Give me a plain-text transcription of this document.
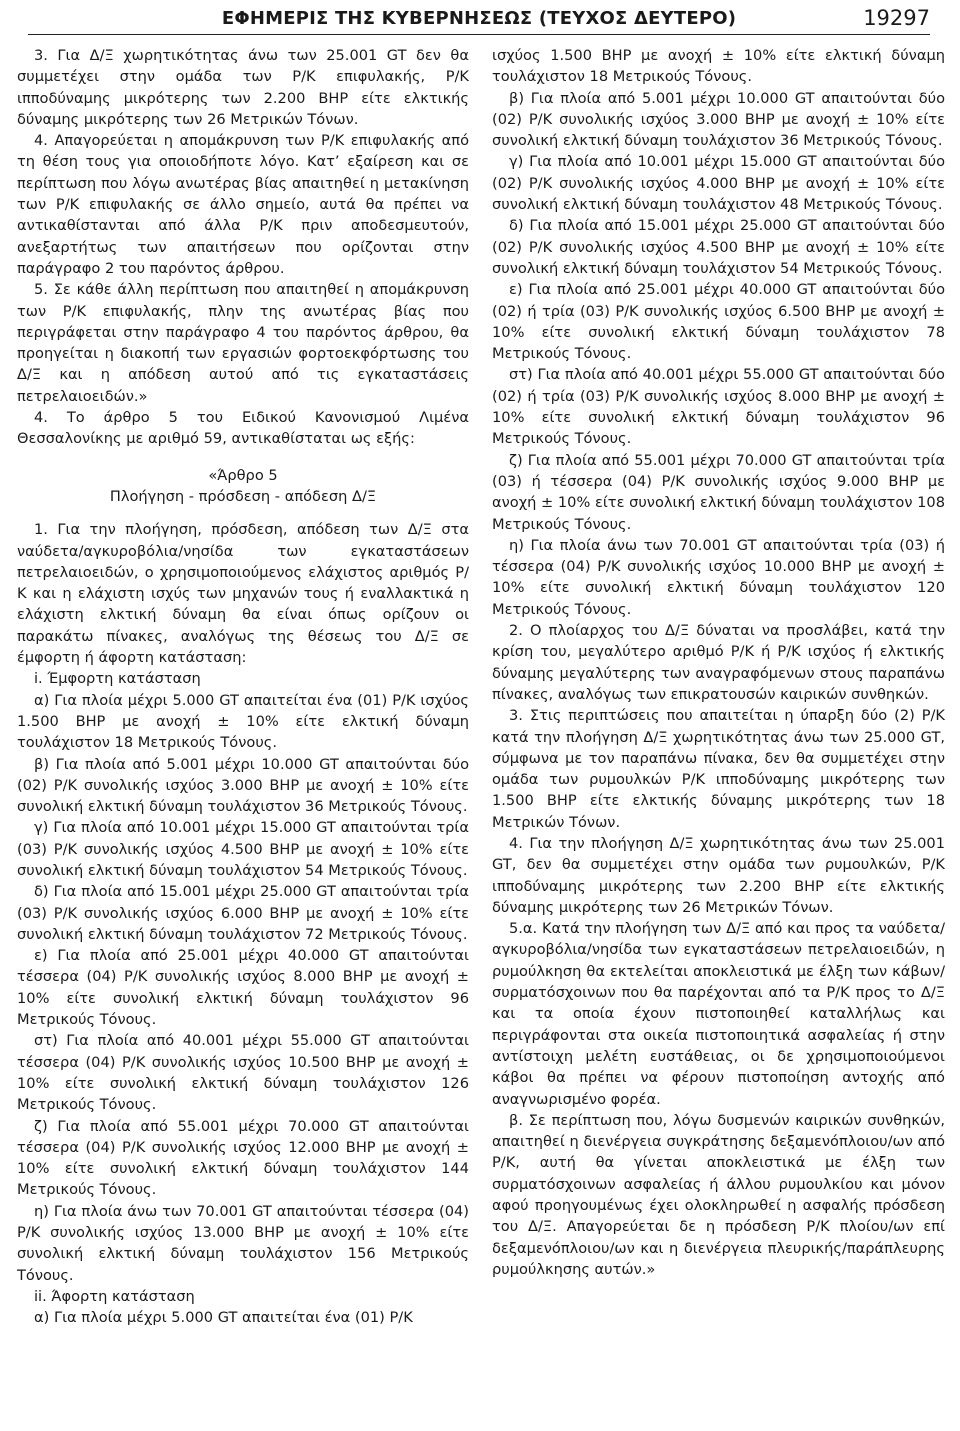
ΕΦΗΜΕΡΙΣ ΤΗΣ ΚΥΒΕΡΝΗΣΕΩΣ (ΤΕΥΧΟΣ ΔΕΥΤΕΡΟ)	19297

3. Για Δ/Ξ χωρητικότητας άνω των 25.001 GT δεν θα συμμετέχει στην ομάδα των Ρ/Κ επιφυλακής, Ρ/Κ ιπποδύναμης μικρότερης των 2.200 ΒΗΡ είτε ελκτικής δύναμης μικρότερης των 26 Μετρικών Τόνων.

4. Απαγορεύεται η απομάκρυνση των Ρ/Κ επιφυλακής από τη θέση τους για οποιοδήποτε λόγο. Κατ’ εξαίρεση και σε περίπτωση που λόγω ανωτέρας βίας απαιτηθεί η μετακίνηση των Ρ/Κ επιφυλακής σε άλλο σημείο, αυτά θα πρέπει να αντικαθίστανται από άλλα Ρ/Κ πριν αποδεσμευτούν, ανεξαρτήτως των απαιτήσεων που ορίζονται στην παράγραφο 2 του παρόντος άρθρου.

5. Σε κάθε άλλη περίπτωση που απαιτηθεί η απομάκρυνση των Ρ/Κ επιφυλακής, πλην της ανωτέρας βίας που περιγράφεται στην παράγραφο 4 του παρόντος άρθρου, θα προηγείται η διακοπή των εργασιών φορτοεκφόρτωσης του Δ/Ξ και η απόδεση αυτού από τις εγκαταστάσεις πετρελαιοειδών.»

4. Το άρθρο 5 του Ειδικού Κανονισμού Λιμένα Θεσσαλονίκης με αριθμό 59, αντικαθίσταται ως εξής:

«Άρθρο 5

Πλοήγηση - πρόσδεση - απόδεση Δ/Ξ

1. Για την πλοήγηση, πρόσδεση, απόδεση των Δ/Ξ στα ναύδετα/αγκυροβόλια/νησίδα των εγκαταστάσεων πετρελαιοειδών, ο χρησιμοποιούμενος ελάχιστος αριθμός Ρ/Κ και η ελάχιστη ισχύς των μηχανών τους ή εναλλακτικά η ελάχιστη ελκτική δύναμη θα είναι όπως ορίζουν οι παρακάτω πίνακες, αναλόγως της θέσεως του Δ/Ξ σε έμφορτη ή άφορτη κατάσταση:

i. Έμφορτη κατάσταση

α) Για πλοία μέχρι 5.000 GT απαιτείται ένα (01) Ρ/Κ ισχύος 1.500 ΒΗΡ με ανοχή ± 10% είτε ελκτική δύναμη τουλάχιστον 18 Μετρικούς Τόνους.

β) Για πλοία από 5.001 μέχρι 10.000 GT απαιτούνται δύο (02) Ρ/Κ συνολικής ισχύος 3.000 ΒΗΡ με ανοχή ± 10% είτε συνολική ελκτική δύναμη τουλάχιστον 36 Μετρικούς Τόνους.

γ) Για πλοία από 10.001 μέχρι 15.000 GT απαιτούνται τρία (03) Ρ/Κ συνολικής ισχύος 4.500 ΒΗΡ με ανοχή ± 10% είτε συνολική ελκτική δύναμη τουλάχιστον 54 Μετρικούς Τόνους.

δ) Για πλοία από 15.001 μέχρι 25.000 GT απαιτούνται τρία (03) Ρ/Κ συνολικής ισχύος 6.000 ΒΗΡ με ανοχή ± 10% είτε συνολική ελκτική δύναμη τουλάχιστον 72 Μετρικούς Τόνους.

ε) Για πλοία από 25.001 μέχρι 40.000 GT απαιτούνται τέσσερα (04) Ρ/Κ συνολικής ισχύος 8.000 ΒΗΡ με ανοχή ± 10% είτε συνολική ελκτική δύναμη τουλάχιστον 96 Μετρικούς Τόνους.

στ) Για πλοία από 40.001 μέχρι 55.000 GT απαιτούνται τέσσερα (04) Ρ/Κ συνολικής ισχύος 10.500 ΒΗΡ με ανοχή ± 10% είτε συνολική ελκτική δύναμη τουλάχιστον 126 Μετρικούς Τόνους.

ζ) Για πλοία από 55.001 μέχρι 70.000 GT απαιτούνται τέσσερα (04) Ρ/Κ συνολικής ισχύος 12.000 ΒΗΡ με ανοχή ± 10% είτε συνολική ελκτική δύναμη τουλάχιστον 144 Μετρικούς Τόνους.

η) Για πλοία άνω των 70.001 GT απαιτούνται τέσσερα (04) Ρ/Κ συνολικής ισχύος 13.000 ΒΗΡ με ανοχή ± 10% είτε συνολική ελκτική δύναμη τουλάχιστον 156 Μετρικούς Τόνους.

ii. Άφορτη κατάσταση

α) Για πλοία μέχρι 5.000 GT απαιτείται ένα (01) Ρ/Κ

ισχύος 1.500 ΒΗΡ με ανοχή ± 10% είτε ελκτική δύναμη τουλάχιστον 18 Μετρικούς Τόνους.

β) Για πλοία από 5.001 μέχρι 10.000 GT απαιτούνται δύο (02) Ρ/Κ συνολικής ισχύος 3.000 ΒΗΡ με ανοχή ± 10% είτε συνολική ελκτική δύναμη τουλάχιστον 36 Μετρικούς Τόνους.

γ) Για πλοία από 10.001 μέχρι 15.000 GT απαιτούνται δύο (02) Ρ/Κ συνολικής ισχύος 4.000 ΒΗΡ με ανοχή ± 10% είτε συνολική ελκτική δύναμη τουλάχιστον 48 Μετρικούς Τόνους.

δ) Για πλοία από 15.001 μέχρι 25.000 GT απαιτούνται δύο (02) Ρ/Κ συνολικής ισχύος 4.500 ΒΗΡ με ανοχή ± 10% είτε συνολική ελκτική δύναμη τουλάχιστον 54 Μετρικούς Τόνους.

ε) Για πλοία από 25.001 μέχρι 40.000 GT απαιτούνται δύο (02) ή τρία (03) Ρ/Κ συνολικής ισχύος 6.500 ΒΗΡ με ανοχή ± 10% είτε συνολική ελκτική δύναμη τουλάχιστον 78 Μετρικούς Τόνους.

στ) Για πλοία από 40.001 μέχρι 55.000 GT απαιτούνται δύο (02) ή τρία (03) Ρ/Κ συνολικής ισχύος 8.000 ΒΗΡ με ανοχή ± 10% είτε συνολική ελκτική δύναμη τουλάχιστον 96 Μετρικούς Τόνους.

ζ) Για πλοία από 55.001 μέχρι 70.000 GT απαιτούνται τρία (03) ή τέσσερα (04) Ρ/Κ συνολικής ισχύος 9.000 ΒΗΡ με ανοχή ± 10% είτε συνολική ελκτική δύναμη τουλάχιστον 108 Μετρικούς Τόνους.

η) Για πλοία άνω των 70.001 GT απαιτούνται τρία (03) ή τέσσερα (04) Ρ/Κ συνολικής ισχύος 10.000 ΒΗΡ με ανοχή ± 10% είτε συνολική ελκτική δύναμη τουλάχιστον 120 Μετρικούς Τόνους.

2. Ο πλοίαρχος του Δ/Ξ δύναται να προσλάβει, κατά την κρίση του, μεγαλύτερο αριθμό Ρ/Κ ή Ρ/Κ ισχύος ή ελκτικής δύναμης μεγαλύτερης των αναγραφόμενων στους παραπάνω πίνακες, αναλόγως των επικρατουσών καιρικών συνθηκών.

3. Στις περιπτώσεις που απαιτείται η ύπαρξη δύο (2) Ρ/Κ κατά την πλοήγηση Δ/Ξ χωρητικότητας άνω των 25.000 GT, σύμφωνα με τον παραπάνω πίνακα, δεν θα συμμετέχει στην ομάδα των ρυμουλκών Ρ/Κ ιπποδύναμης μικρότερης των 1.500 ΒΗΡ είτε ελκτικής δύναμης μικρότερης των 18 Μετρικών Τόνων.

4. Για την πλοήγηση Δ/Ξ χωρητικότητας άνω των 25.001 GT, δεν θα συμμετέχει στην ομάδα των ρυμουλκών, Ρ/Κ ιπποδύναμης μικρότερης των 2.200 ΒΗΡ είτε ελκτικής δύναμης μικρότερης των 26 Μετρικών Τόνων.

5.α. Κατά την πλοήγηση των Δ/Ξ από και προς τα ναύδετα/αγκυροβόλια/νησίδα των εγκαταστάσεων πετρελαιοειδών, η ρυμούλκηση θα εκτελείται αποκλειστικά με έλξη των κάβων/συρματόσχοινων που θα παρέχονται από τα Ρ/Κ προς το Δ/Ξ και τα οποία έχουν πιστοποιηθεί καταλλήλως και περιγράφονται στα οικεία πιστοποιητικά ασφαλείας ή στην αντίστοιχη μελέτη ευστάθειας, οι δε χρησιμοποιούμενοι κάβοι θα πρέπει να φέρουν πιστοποίηση αντοχής από αναγνωρισμένο φορέα.

β. Σε περίπτωση που, λόγω δυσμενών καιρικών συνθηκών, απαιτηθεί η διενέργεια συγκράτησης δεξαμενόπλοιου/ων από Ρ/Κ, αυτή θα γίνεται αποκλειστικά με έλξη των συρματόσχοινων ασφαλείας ή άλλου ρυμουλκίου και μόνον αφού προηγουμένως έχει ολοκληρωθεί η ασφαλής πρόσδεση του Δ/Ξ. Απαγορεύεται δε η πρόσδεση Ρ/Κ πλοίου/ων επί δεξαμενόπλοιου/ων και η διενέργεια πλευρικής/παράπλευρης ρυμούλκησης αυτών.»
